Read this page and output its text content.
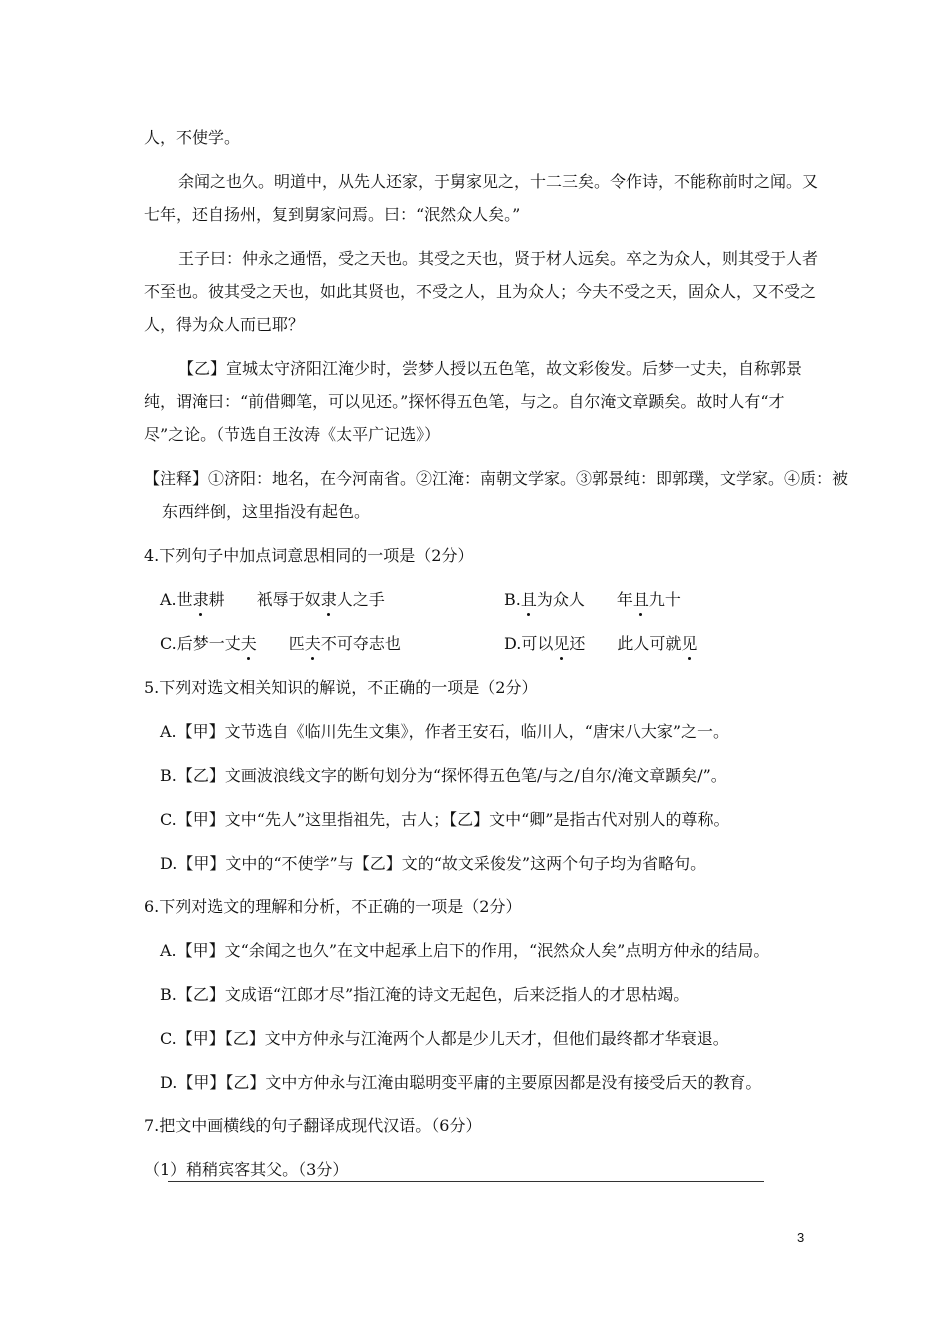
人，不使学。
余闻之也久。明道中，从先人还家，于舅家见之，十二三矣。令作诗，不能称前时之闻。又
七年，还自扬州，复到舅家问焉。曰：“泯然众人矣。”
王子曰：仲永之通悟，受之天也。其受之天也，贤于材人远矣。卒之为众人，则其受于人者
不至也。彼其受之天也，如此其贤也，不受之人，且为众人；今夫不受之天，固众人，又不受之
人，得为众人而已耶？
【乙】宣城太守济阳江淹少时，尝梦人授以五色笔，故文彩俊发。后梦一丈夫，自称郭景
纯，谓淹曰：“前借卿笔，可以见还。”探怀得五色笔，与之。自尔淹文章踬矣。故时人有“才
尽”之论。（节选自王汝涛《太平广记选》）
【注释】①济阳：地名，在今河南省。②江淹：南朝文学家。③郭景纯：即郭璞，文学家。④质：被
东西绊倒，这里指没有起色。
4.下列句子中加点词意思相同的一项是（2分）
A.世隶耕　　衹辱于奴隶人之手	B.且为众人　　年且九十
C.后梦一丈夫　　匹夫不可夺志也	D.可以见还　　此人可就见
5.下列对选文相关知识的解说，不正确的一项是（2分）
A.【甲】文节选自《临川先生文集》，作者王安石，临川人，“唐宋八大家”之一。
B.【乙】文画波浪线文字的断句划分为“探怀得五色笔/与之/自尔/淹文章踬矣/”。
C.【甲】文中“先人”这里指祖先，古人；【乙】文中“卿”是指古代对别人的尊称。
D.【甲】文中的“不使学”与【乙】文的“故文采俊发”这两个句子均为省略句。
6.下列对选文的理解和分析，不正确的一项是（2分）
A.【甲】文“余闻之也久”在文中起承上启下的作用，“泯然众人矣”点明方仲永的结局。
B.【乙】文成语“江郎才尽”指江淹的诗文无起色，后来泛指人的才思枯竭。
C.【甲】【乙】文中方仲永与江淹两个人都是少儿天才，但他们最终都才华衰退。
D.【甲】【乙】文中方仲永与江淹由聪明变平庸的主要原因都是没有接受后天的教育。
7.把文中画横线的句子翻译成现代汉语。（6分）
（1）稍稍宾客其父。（3分）
3
